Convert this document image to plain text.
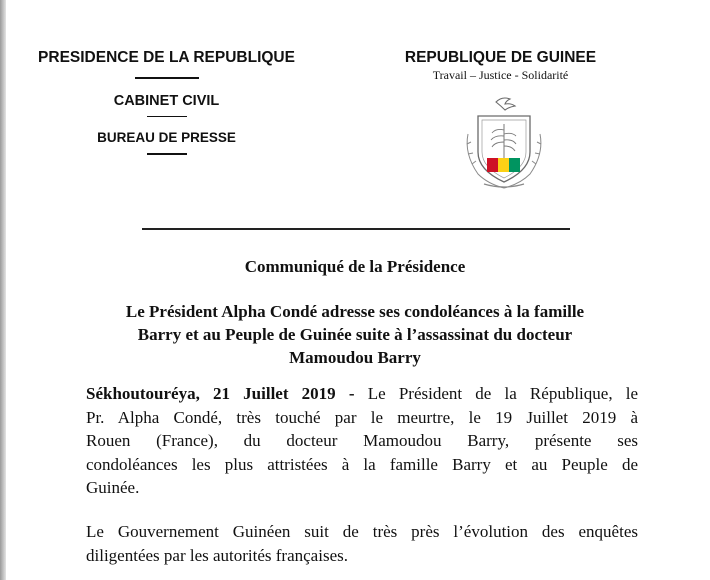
PRESIDENCE DE LA REPUBLIQUE
CABINET CIVIL
BUREAU DE PRESSE
REPUBLIQUE DE GUINEE
Travail – Justice - Solidarité
Communiqué de la Présidence
Le Président Alpha Condé adresse ses condoléances à la famille
Barry et au Peuple de Guinée suite à l’assassinat du docteur
Mamoudou Barry
Sékhoutouréya, 21 Juillet 2019 - Le Président de la République, le
Pr. Alpha Condé, très touché par le meurtre, le 19 Juillet 2019 à
Rouen (France), du docteur Mamoudou Barry, présente ses
condoléances les plus attristées à la famille Barry et au Peuple de
Guinée.
Le Gouvernement Guinéen suit de très près l’évolution des enquêtes
diligentées par les autorités françaises.
